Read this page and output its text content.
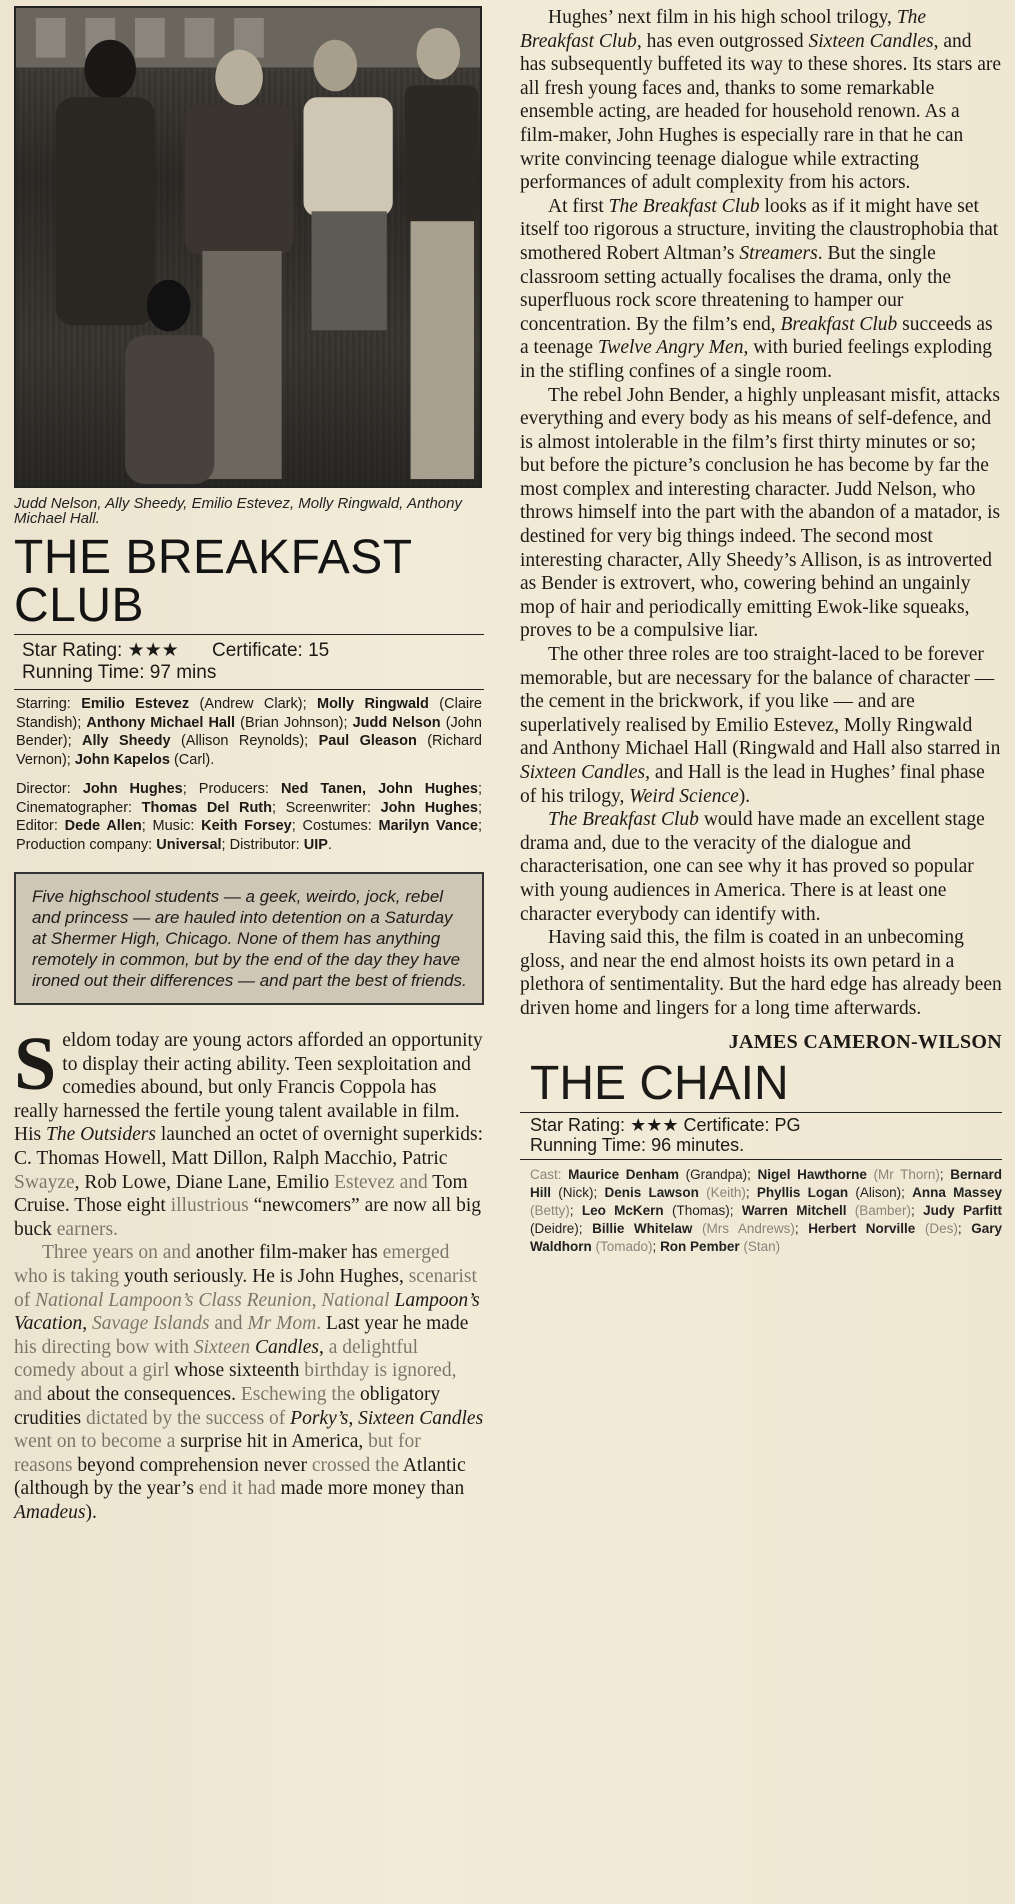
Judd Nelson, Ally Sheedy, Emilio Estevez, Molly Ringwald, Anthony Michael Hall.
THE BREAKFAST
CLUB
Star Rating: ★★★ Certificate: 15
Running Time: 97 mins
Starring: Emilio Estevez (Andrew Clark); Molly Ringwald (Claire Standish); Anthony Michael Hall (Brian Johnson); Judd Nelson (John Bender); Ally Sheedy (Allison Reynolds); Paul Gleason (Richard Vernon); John Kapelos (Carl).
Director: John Hughes; Producers: Ned Tanen, John Hughes; Cinematographer: Thomas Del Ruth; Screenwriter: John Hughes; Editor: Dede Allen; Music: Keith Forsey; Costumes: Marilyn Vance; Production company: Universal; Distributor: UIP.
Five highschool students — a geek, weirdo, jock, rebel and princess — are hauled into detention on a Saturday at Shermer High, Chicago. None of them has anything remotely in common, but by the end of the day they have ironed out their differences — and part the best of friends.

Seldom today are young actors afforded an opportunity to display their acting ability. Teen sexploitation and comedies abound, but only Francis Coppola has really harnessed the fertile young talent available in film. His The Outsiders launched an octet of overnight superkids: C. Thomas Howell, Matt Dillon, Ralph Macchio, Patric Swayze, Rob Lowe, Diane Lane, Emilio Estevez and Tom Cruise. Those eight illustrious “newcomers” are now all big buck earners.

Three years on and another film-maker has emerged who is taking youth seriously. He is John Hughes, scenarist of National Lampoon’s Class Reunion, National Lampoon’s Vacation, Savage Islands and Mr Mom. Last year he made his directing bow with Sixteen Candles, a delightful comedy about a girl whose sixteenth birthday is ignored, and about the consequences. Eschewing the obligatory crudities dictated by the success of Porky’s, Sixteen Candles went on to become a surprise hit in America, but for reasons beyond comprehension never crossed the Atlantic (although by the year’s end it had made more money than Amadeus).

Hughes’ next film in his high school trilogy, The Breakfast Club, has even outgrossed Sixteen Candles, and has subsequently buffeted its way to these shores. Its stars are all fresh young faces and, thanks to some remarkable ensemble acting, are headed for household renown. As a film-maker, John Hughes is especially rare in that he can write convincing teenage dialogue while extracting performances of adult complexity from his actors.

At first The Breakfast Club looks as if it might have set itself too rigorous a structure, inviting the claustrophobia that smothered Robert Altman’s Streamers. But the single classroom setting actually focalises the drama, only the superfluous rock score threatening to hamper our concentration. By the film’s end, Breakfast Club succeeds as a teenage Twelve Angry Men, with buried feelings exploding in the stifling confines of a single room.

The rebel John Bender, a highly unpleasant misfit, attacks everything and every body as his means of self-defence, and is almost intolerable in the film’s first thirty minutes or so; but before the picture’s conclusion he has become by far the most complex and interesting character. Judd Nelson, who throws himself into the part with the abandon of a matador, is destined for very big things indeed. The second most interesting character, Ally Sheedy’s Allison, is as introverted as Bender is extrovert, who, cowering behind an ungainly mop of hair and periodically emitting Ewok-like squeaks, proves to be a compulsive liar.

The other three roles are too straight-laced to be forever memorable, but are necessary for the balance of character — the cement in the brickwork, if you like — and are superlatively realised by Emilio Estevez, Molly Ringwald and Anthony Michael Hall (Ringwald and Hall also starred in Sixteen Candles, and Hall is the lead in Hughes’ final phase of his trilogy, Weird Science).

The Breakfast Club would have made an excellent stage drama and, due to the veracity of the dialogue and characterisation, one can see why it has proved so popular with young audiences in America. There is at least one character everybody can identify with.

Having said this, the film is coated in an unbecoming gloss, and near the end almost hoists its own petard in a plethora of sentimentality. But the hard edge has already been driven home and lingers for a long time afterwards.

JAMES CAMERON-WILSON
THE CHAIN
Star Rating: ★★★ Certificate: PG
Running Time: 96 minutes.
Cast: Maurice Denham (Grandpa); Nigel Hawthorne (Mr Thorn); Bernard Hill (Nick); Denis Lawson (Keith); Phyllis Logan (Alison); Anna Massey (Betty); Leo McKern (Thomas); Warren Mitchell (Bamber); Judy Parfitt (Deidre); Billie Whitelaw (Mrs Andrews); Herbert Norville (Des); Gary Waldhorn (Tomado); Ron Pember (Stan)
